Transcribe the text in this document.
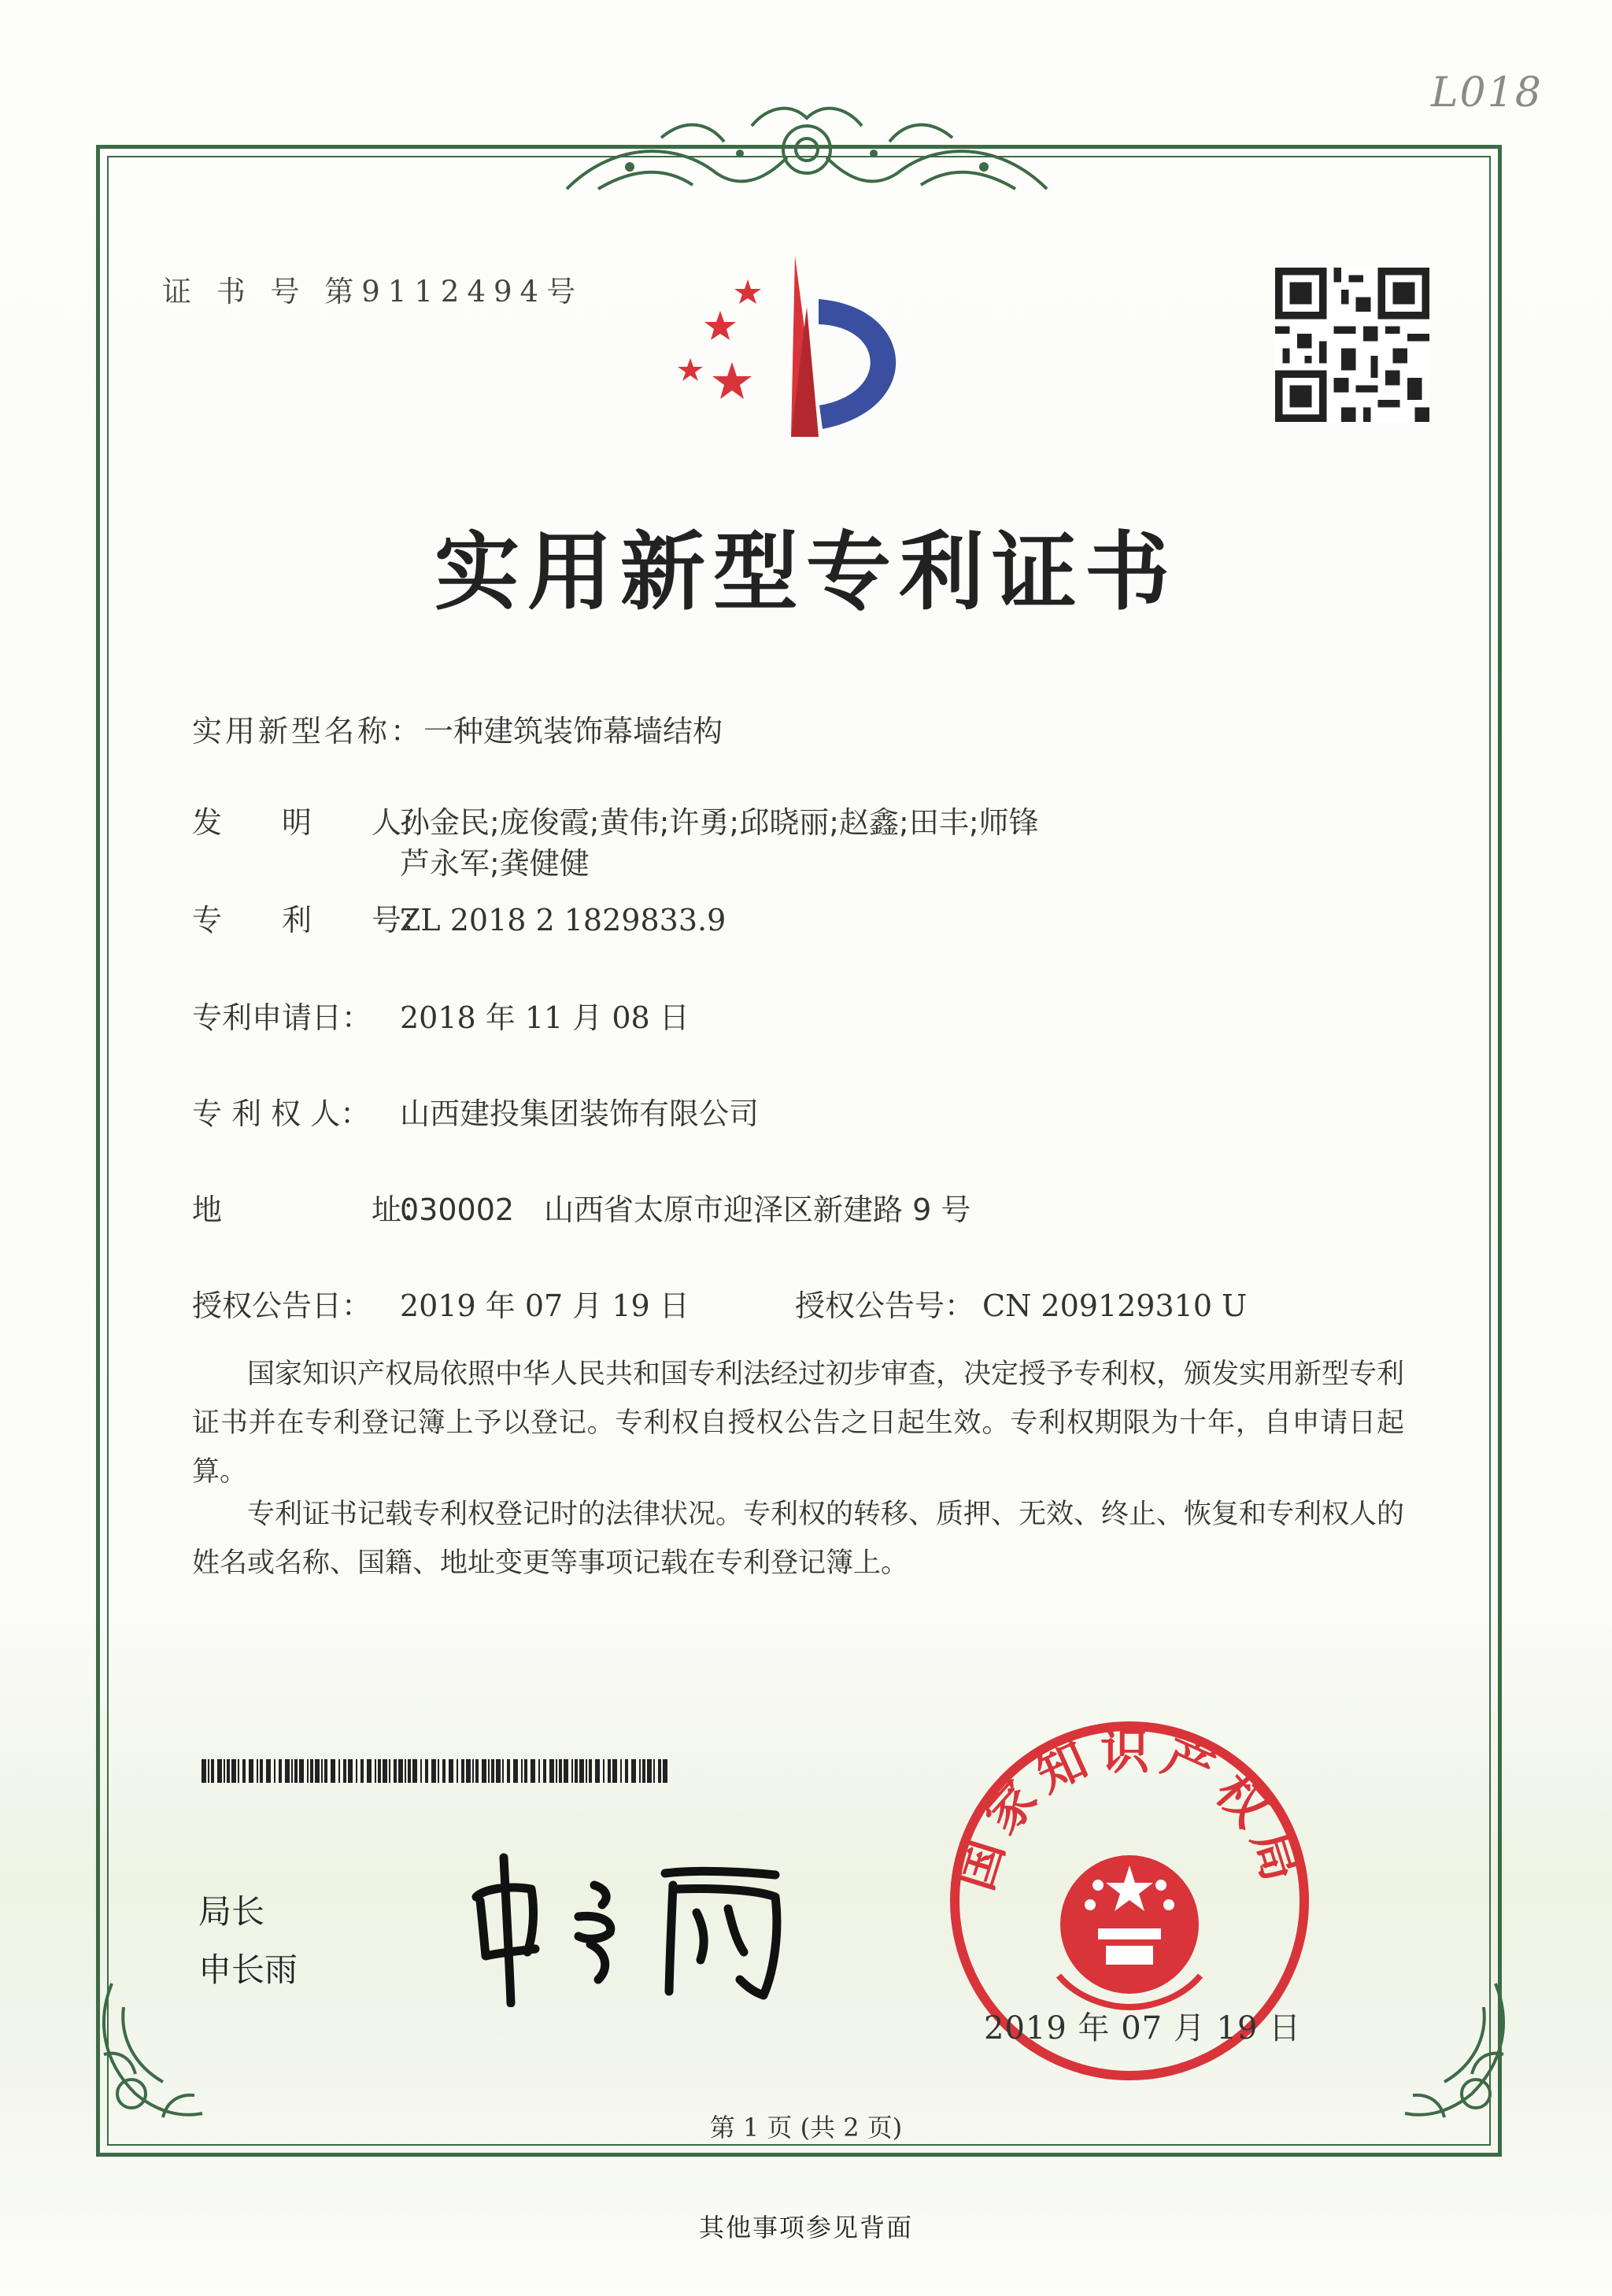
L018
证 书 号 第9112494号
实用新型专利证书
实用新型名称：一种建筑装饰幕墙结构
发　　明　　人：孙金民;庞俊霞;黄伟;许勇;邱晓丽;赵鑫;田丰;师锋
芦永军;龚健健
专　　利　　号：ZL 2018 2 1829833.9
专利申请日： 2018 年 11 月 08 日
专 利 权 人： 山西建投集团装饰有限公司
地　　　　　址：030002　山西省太原市迎泽区新建路 9 号
授权公告日： 2019 年 07 月 19 日	授权公告号： CN 209129310 U
国家知识产权局依照中华人民共和国专利法经过初步审查，决定授予专利权，颁发实用新型专利证书并在专利登记簿上予以登记。专利权自授权公告之日起生效。专利权期限为十年，自申请日起算。
专利证书记载专利权登记时的法律状况。专利权的转移、质押、无效、终止、恢复和专利权人的姓名或名称、国籍、地址变更等事项记载在专利登记簿上。
局长
申长雨
国家知识产权局
2019 年 07 月 19 日
第 1 页 (共 2 页)
其他事项参见背面
